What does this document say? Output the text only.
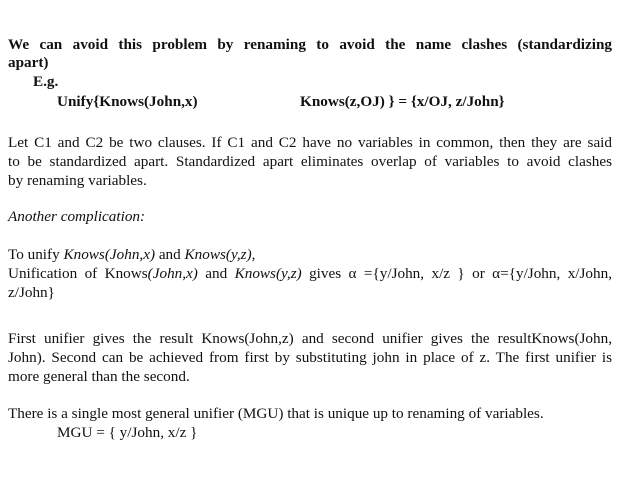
We can avoid this problem by renaming to avoid the name clashes (standardizing
apart)
E.g.
Unify{Knows(John,x)	Knows(z,OJ) } = {x/OJ, z/John}
Let C1 and C2 be two clauses. If C1 and C2 have no variables in common, then they are said
to be standardized apart. Standardized apart eliminates overlap of variables to avoid clashes
by renaming variables.
Another complication:
To unify Knows(John,x) and Knows(y,z),
Unification of Knows(John,x) and Knows(y,z) gives α ={y/John, x/z } or α={y/John, x/John,
z/John}
First unifier gives the result Knows(John,z) and second unifier gives the resultKnows(John,
John). Second can be achieved from first by substituting john in place of z. The first unifier is
more general than the second.
There is a single most general unifier (MGU) that is unique up to renaming of variables.
MGU = { y/John, x/z }
